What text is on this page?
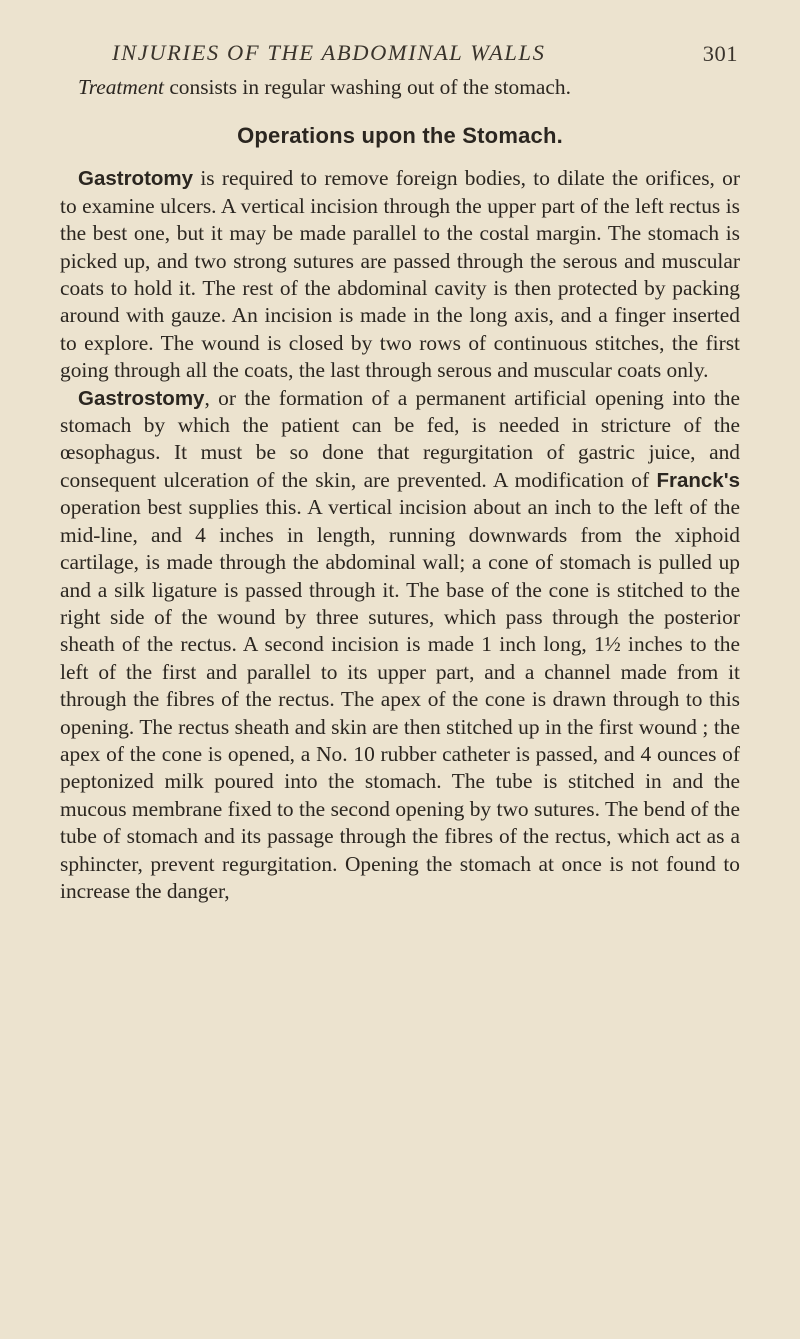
INJURIES OF THE ABDOMINAL WALLS	301

Treatment consists in regular washing out of the stomach.

Operations upon the Stomach.

Gastrotomy is required to remove foreign bodies, to dilate the orifices, or to examine ulcers. A vertical incision through the upper part of the left rectus is the best one, but it may be made parallel to the costal margin. The stomach is picked up, and two strong sutures are passed through the serous and muscular coats to hold it. The rest of the abdominal cavity is then protected by packing around with gauze. An incision is made in the long axis, and a finger inserted to explore. The wound is closed by two rows of continuous stitches, the first going through all the coats, the last through serous and muscular coats only.

Gastrostomy, or the formation of a permanent artificial opening into the stomach by which the patient can be fed, is needed in stricture of the œsophagus. It must be so done that regurgitation of gastric juice, and consequent ulceration of the skin, are prevented. A modification of Franck's operation best supplies this. A vertical incision about an inch to the left of the mid-line, and 4 inches in length, running downwards from the xiphoid cartilage, is made through the abdominal wall; a cone of stomach is pulled up and a silk ligature is passed through it. The base of the cone is stitched to the right side of the wound by three sutures, which pass through the posterior sheath of the rectus. A second incision is made 1 inch long, 1½ inches to the left of the first and parallel to its upper part, and a channel made from it through the fibres of the rectus. The apex of the cone is drawn through to this opening. The rectus sheath and skin are then stitched up in the first wound ; the apex of the cone is opened, a No. 10 rubber catheter is passed, and 4 ounces of peptonized milk poured into the stomach. The tube is stitched in and the mucous membrane fixed to the second opening by two sutures. The bend of the tube of stomach and its passage through the fibres of the rectus, which act as a sphincter, prevent regurgitation. Opening the stomach at once is not found to increase the danger,
